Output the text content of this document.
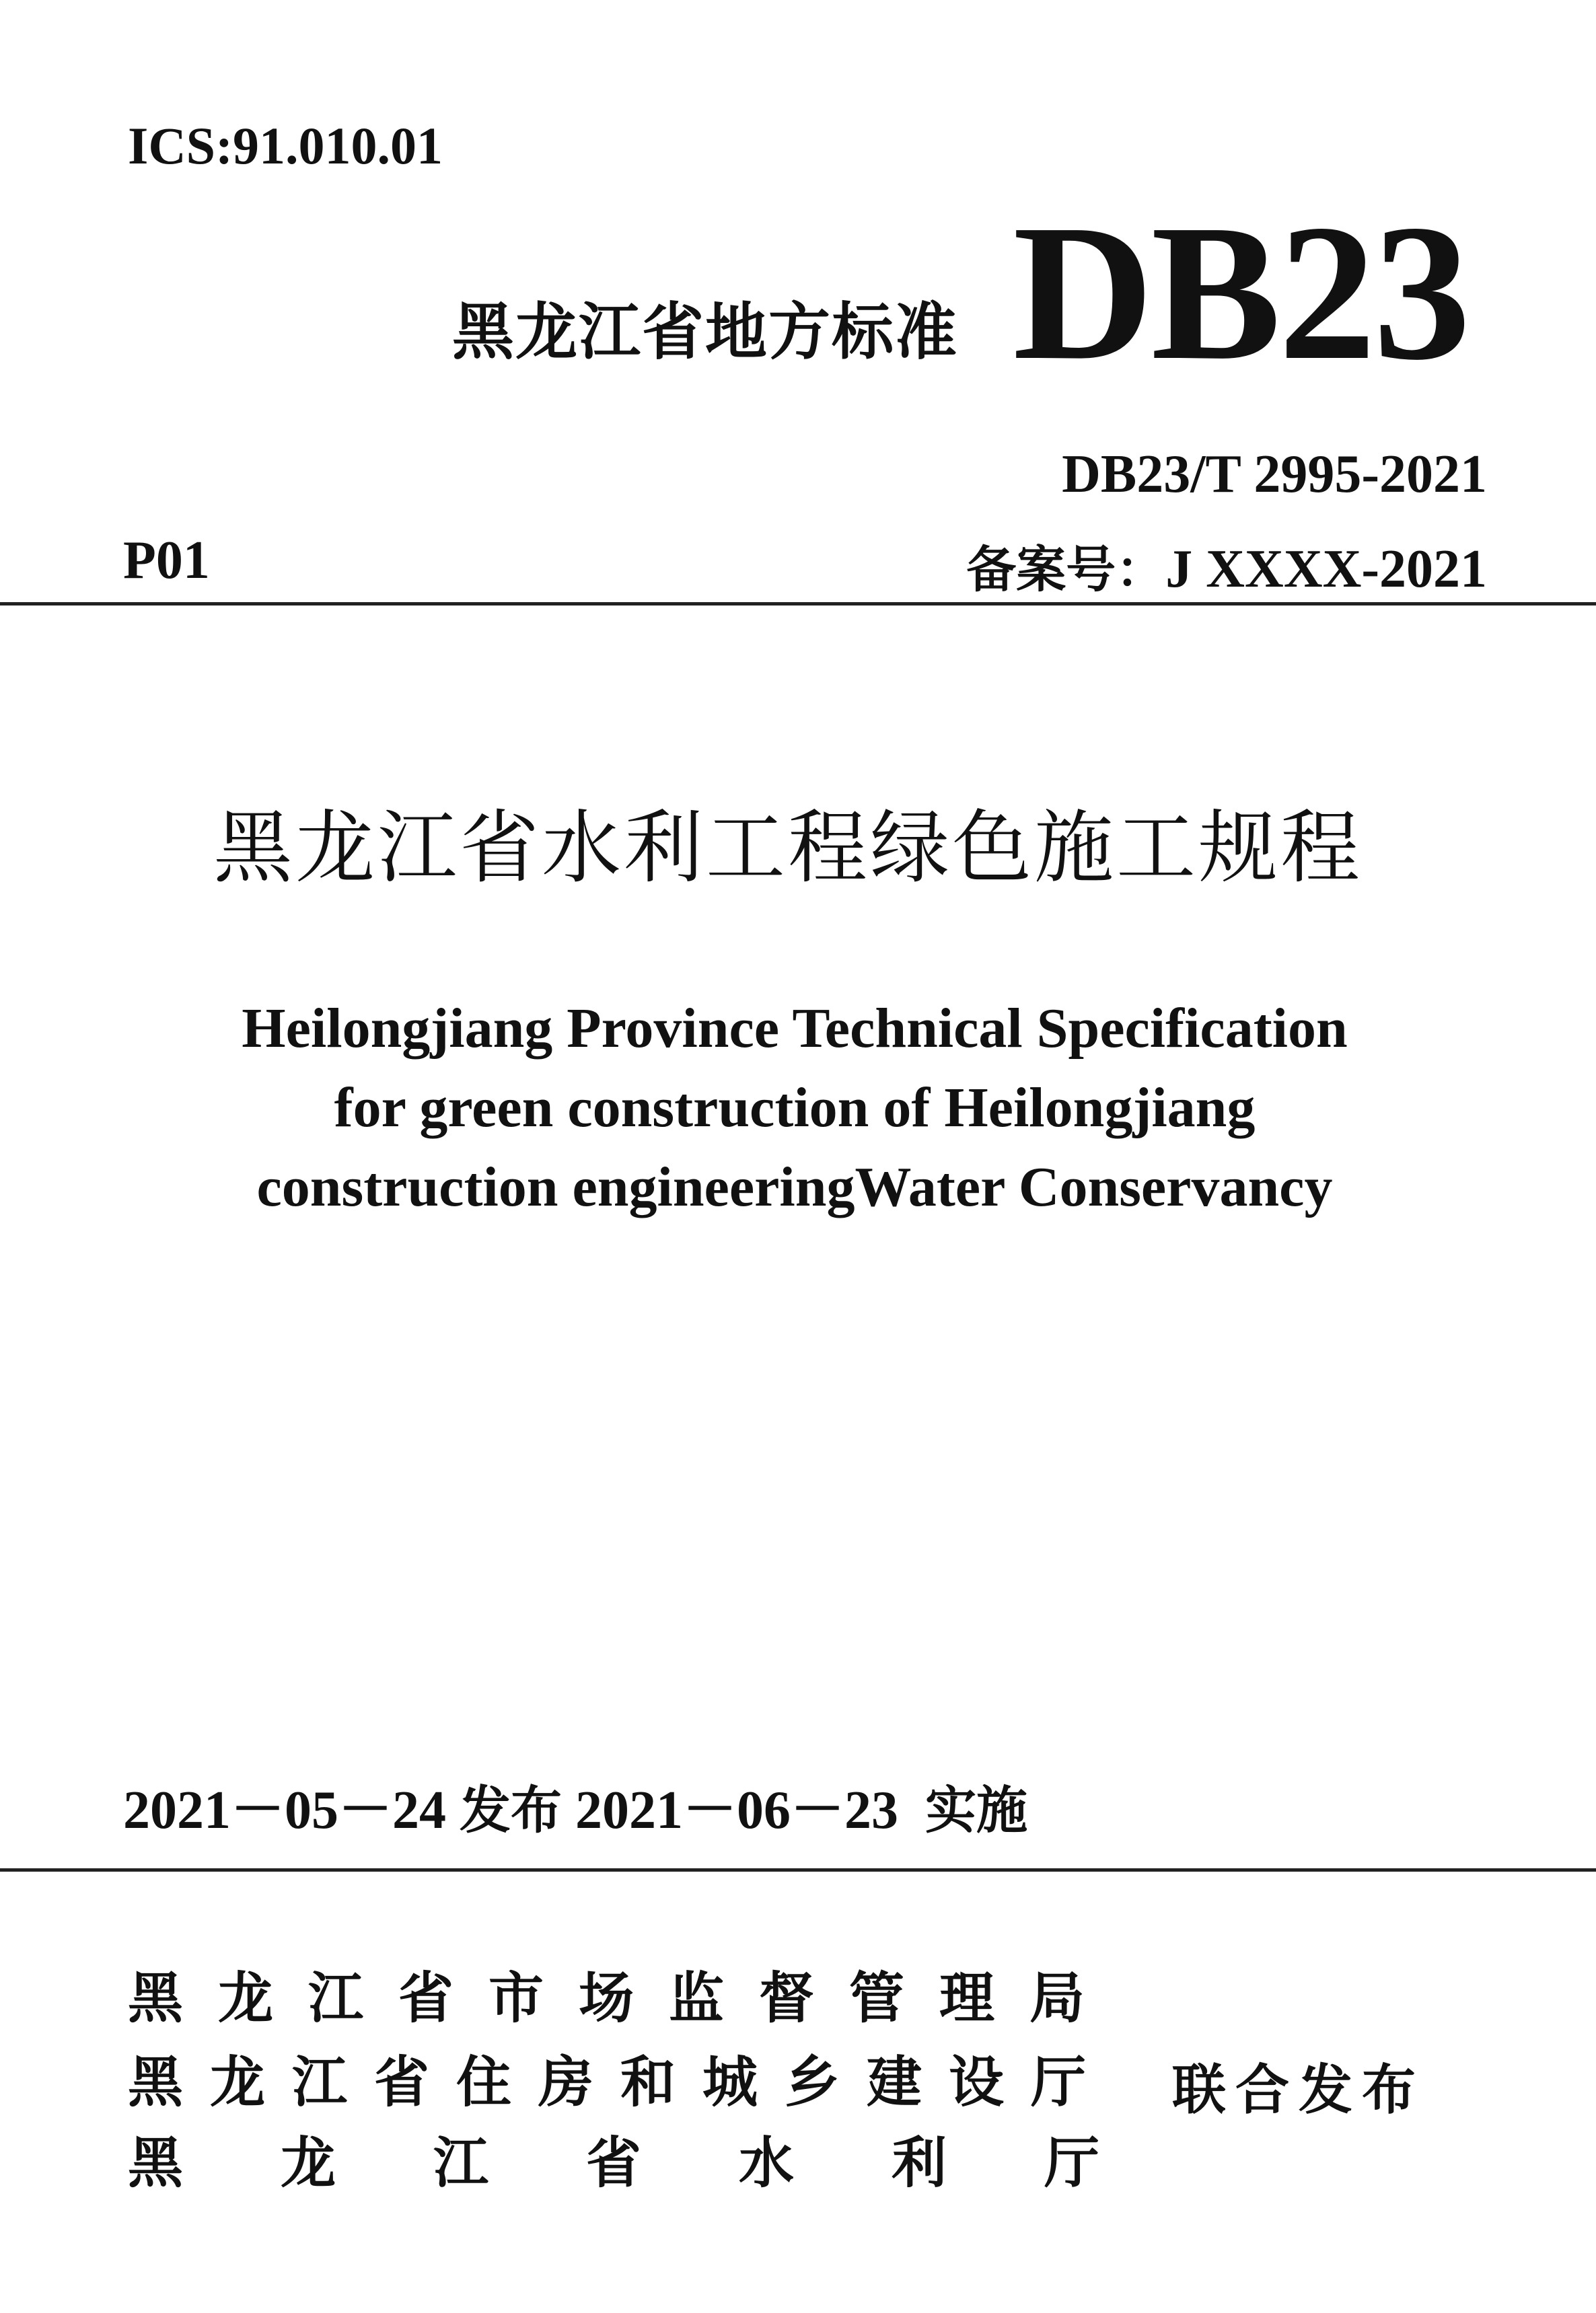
ICS:91.010.01
黑龙江省地方标准 DB23
DB23/T 2995-2021
P01	备案号：J XXXX-2021
黑龙江省水利工程绿色施工规程
Heilongjiang Province Technical Specification
for green construction of Heilongjiang
construction engineeringWater Conservancy
2021－05－24 发布 2021－06－23 实施
黑龙江省市场监督管理局
黑龙江省住房和城乡建设厅
黑龙江省水利厅
联合发布
